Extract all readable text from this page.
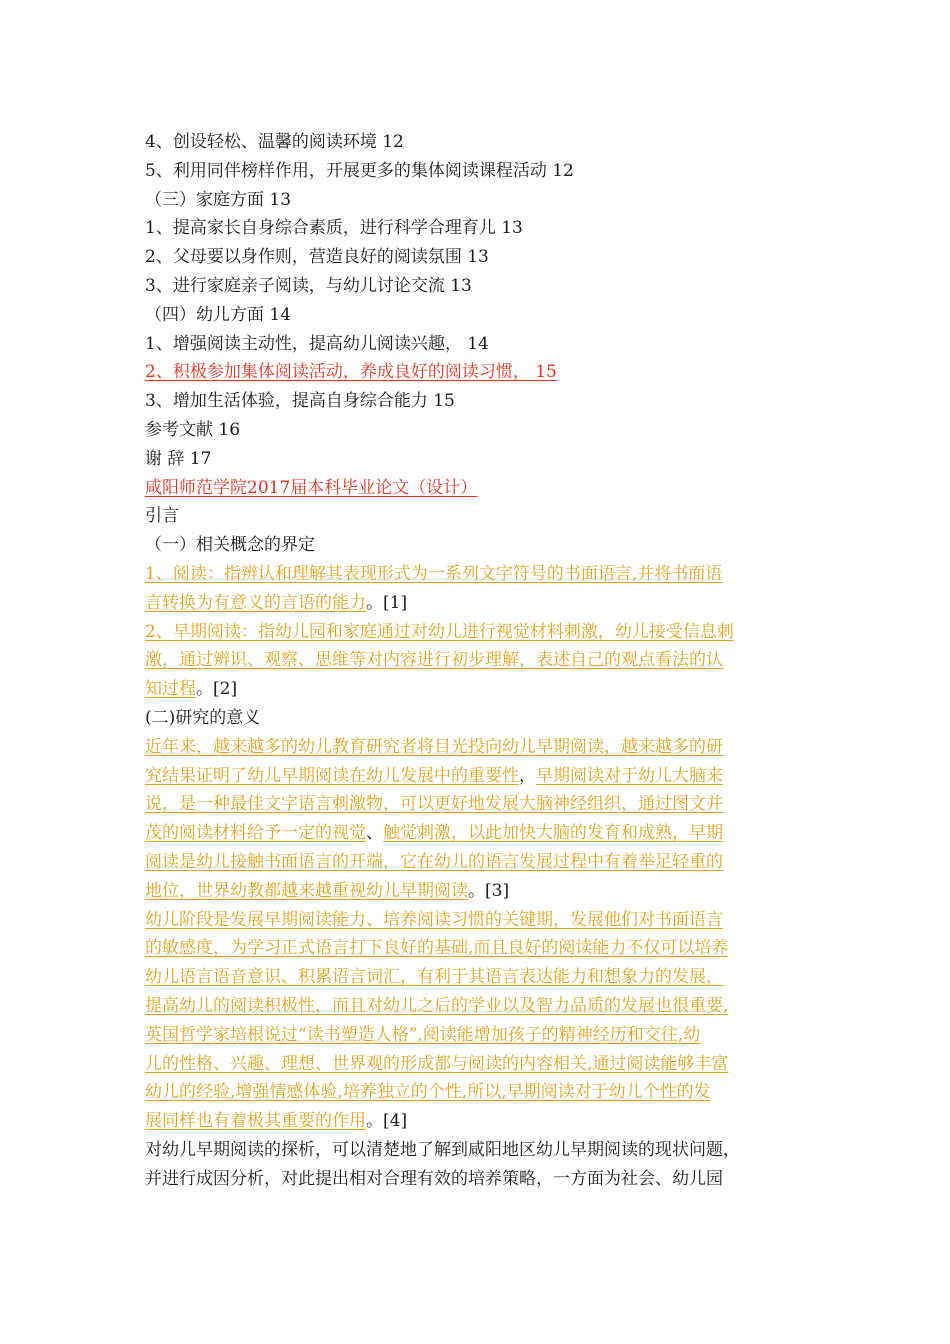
4、创设轻松、温馨的阅读环境 12
5、利用同伴榜样作用，开展更多的集体阅读课程活动 12
（三）家庭方面 13
1、提高家长自身综合素质，进行科学合理育儿 13
2、父母要以身作则，营造良好的阅读氛围 13
3、进行家庭亲子阅读，与幼儿讨论交流 13
（四）幼儿方面 14
1、增强阅读主动性，提高幼儿阅读兴趣， 14
2、积极参加集体阅读活动，养成良好的阅读习惯， 15
3、增加生活体验，提高自身综合能力 15
参考文献 16
谢 辞 17
咸阳师范学院2017届本科毕业论文（设计）
引言
（一）相关概念的界定
1、阅读：指辨认和理解其表现形式为一系列文字符号的书面语言,并将书面语
言转换为有意义的言语的能力。[1]
2、早期阅读：指幼儿园和家庭通过对幼儿进行视觉材料刺激，幼儿接受信息刺
激，通过辨识、观察、思维等对内容进行初步理解，表述自己的观点看法的认
知过程。[2]
(二)研究的意义
近年来，越来越多的幼儿教育研究者将目光投向幼儿早期阅读，越来越多的研
究结果证明了幼儿早期阅读在幼儿发展中的重要性，早期阅读对于幼儿大脑来
说，是一种最佳文字语言刺激物，可以更好地发展大脑神经组织，通过图文并
茂的阅读材料给予一定的视觉、触觉刺激，以此加快大脑的发育和成熟，早期
阅读是幼儿接触书面语言的开端，它在幼儿的语言发展过程中有着举足轻重的
地位，世界幼教都越来越重视幼儿早期阅读。[3]
幼儿阶段是发展早期阅读能力、培养阅读习惯的关键期，发展他们对书面语言
的敏感度，为学习正式语言打下良好的基础,而且良好的阅读能力不仅可以培养
幼儿语言语音意识、积累语言词汇，有利于其语言表达能力和想象力的发展，
提高幼儿的阅读积极性，而且对幼儿之后的学业以及智力品质的发展也很重要,
英国哲学家培根说过“读书塑造人格”,阅读能增加孩子的精神经历和交往,幼
儿的性格、兴趣、理想、世界观的形成都与阅读的内容相关,通过阅读能够丰富
幼儿的经验,增强情感体验,培养独立的个性,所以,早期阅读对于幼儿个性的发
展同样也有着极其重要的作用。[4]
对幼儿早期阅读的探析，可以清楚地了解到咸阳地区幼儿早期阅读的现状问题，
并进行成因分析，对此提出相对合理有效的培养策略，一方面为社会、幼儿园
